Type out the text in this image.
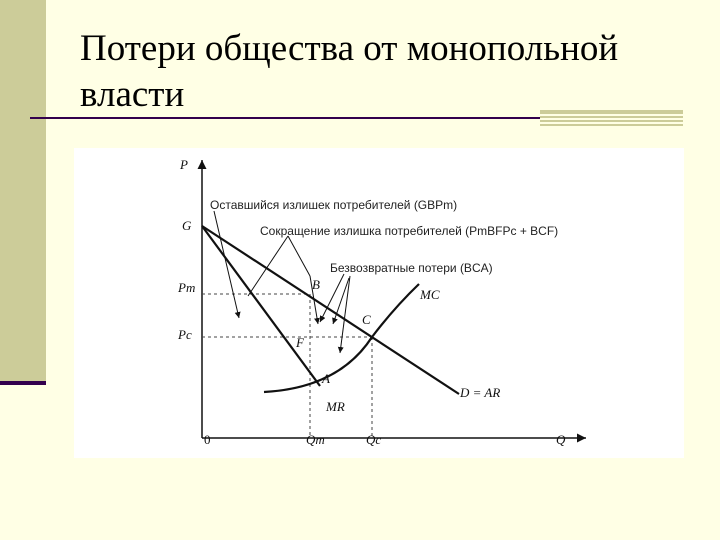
Потери общества от монопольной
власти
P
Q
0
Pm
Pc
Qm	Qc
G
B
C
F
A
MC
D = AR
MR
Оставшийся излишек потребителей (GBPm)
Сокращение излишка потребителей (PmBFPc + BCF)
Безвозвратные потери (BCA)
